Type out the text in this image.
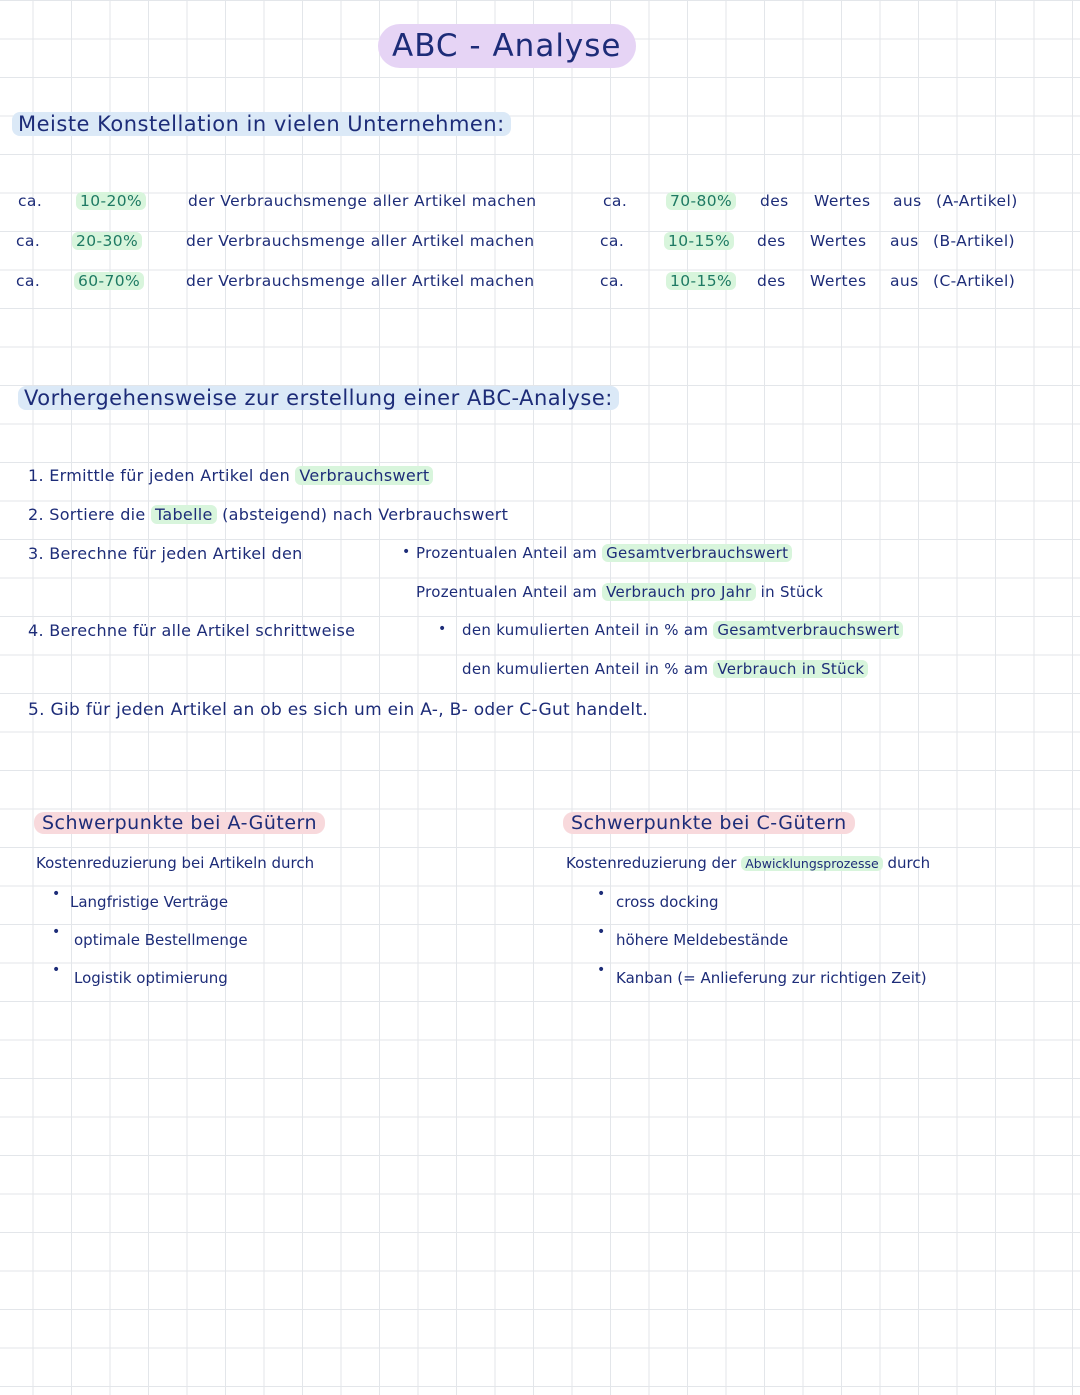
ABC - Analyse
Meiste Konstellation in vielen Unternehmen:
ca. 10-20%	der Verbrauchsmenge aller Artikel machen	ca.	70-80% des Wertes aus (A-Artikel)
ca. 20-30%	der Verbrauchsmenge aller Artikel machen	ca.	10-15% des Wertes aus (B-Artikel)
ca. 60-70%	der Verbrauchsmenge aller Artikel machen	ca.	10-15% des Wertes aus (C-Artikel)
Vorhergehensweise zur erstellung einer ABC-Analyse:
1. Ermittle für jeden Artikel den Verbrauchswert
2. Sortiere die Tabelle (absteigend) nach Verbrauchswert
3. Berechne für jeden Artikel den	• Prozentualen Anteil am Gesamtverbrauchswert
Prozentualen Anteil am Verbrauch pro Jahr in Stück
4. Berechne für alle Artikel schrittweise	• den kumulierten Anteil in % am Gesamtverbrauchswert
den kumulierten Anteil in % am Verbrauch in Stück
5. Gib für jeden Artikel an ob es sich um ein A-, B- oder C-Gut handelt.
Schwerpunkte bei A-Gütern
Kostenreduzierung bei Artikeln durch
• Langfristige Verträge
• optimale Bestellmenge
• Logistik optimierung
Schwerpunkte bei C-Gütern
Kostenreduzierung der Abwicklungsprozesse durch
• cross docking
• höhere Meldebestände
• Kanban (= Anlieferung zur richtigen Zeit)
